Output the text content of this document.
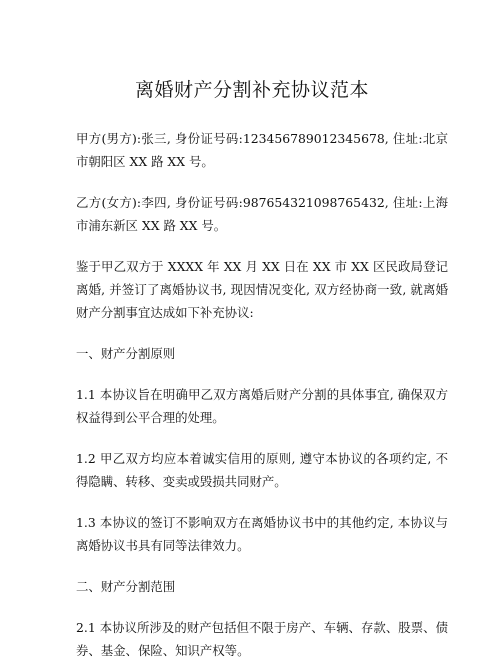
离婚财产分割补充协议范本

甲方(男方):张三, 身份证号码:123456789012345678, 住址:北京市朝阳区 XX 路 XX 号。

乙方(女方):李四, 身份证号码:987654321098765432, 住址:上海市浦东新区 XX 路 XX 号。

鉴于甲乙双方于 XXXX 年 XX 月 XX 日在 XX 市 XX 区民政局登记离婚, 并签订了离婚协议书, 现因情况变化, 双方经协商一致, 就离婚财产分割事宜达成如下补充协议:

一、财产分割原则

1.1 本协议旨在明确甲乙双方离婚后财产分割的具体事宜, 确保双方权益得到公平合理的处理。

1.2 甲乙双方均应本着诚实信用的原则, 遵守本协议的各项约定, 不得隐瞒、转移、变卖或毁损共同财产。

1.3 本协议的签订不影响双方在离婚协议书中的其他约定, 本协议与离婚协议书具有同等法律效力。

二、财产分割范围

2.1 本协议所涉及的财产包括但不限于房产、车辆、存款、股票、债券、基金、保险、知识产权等。
